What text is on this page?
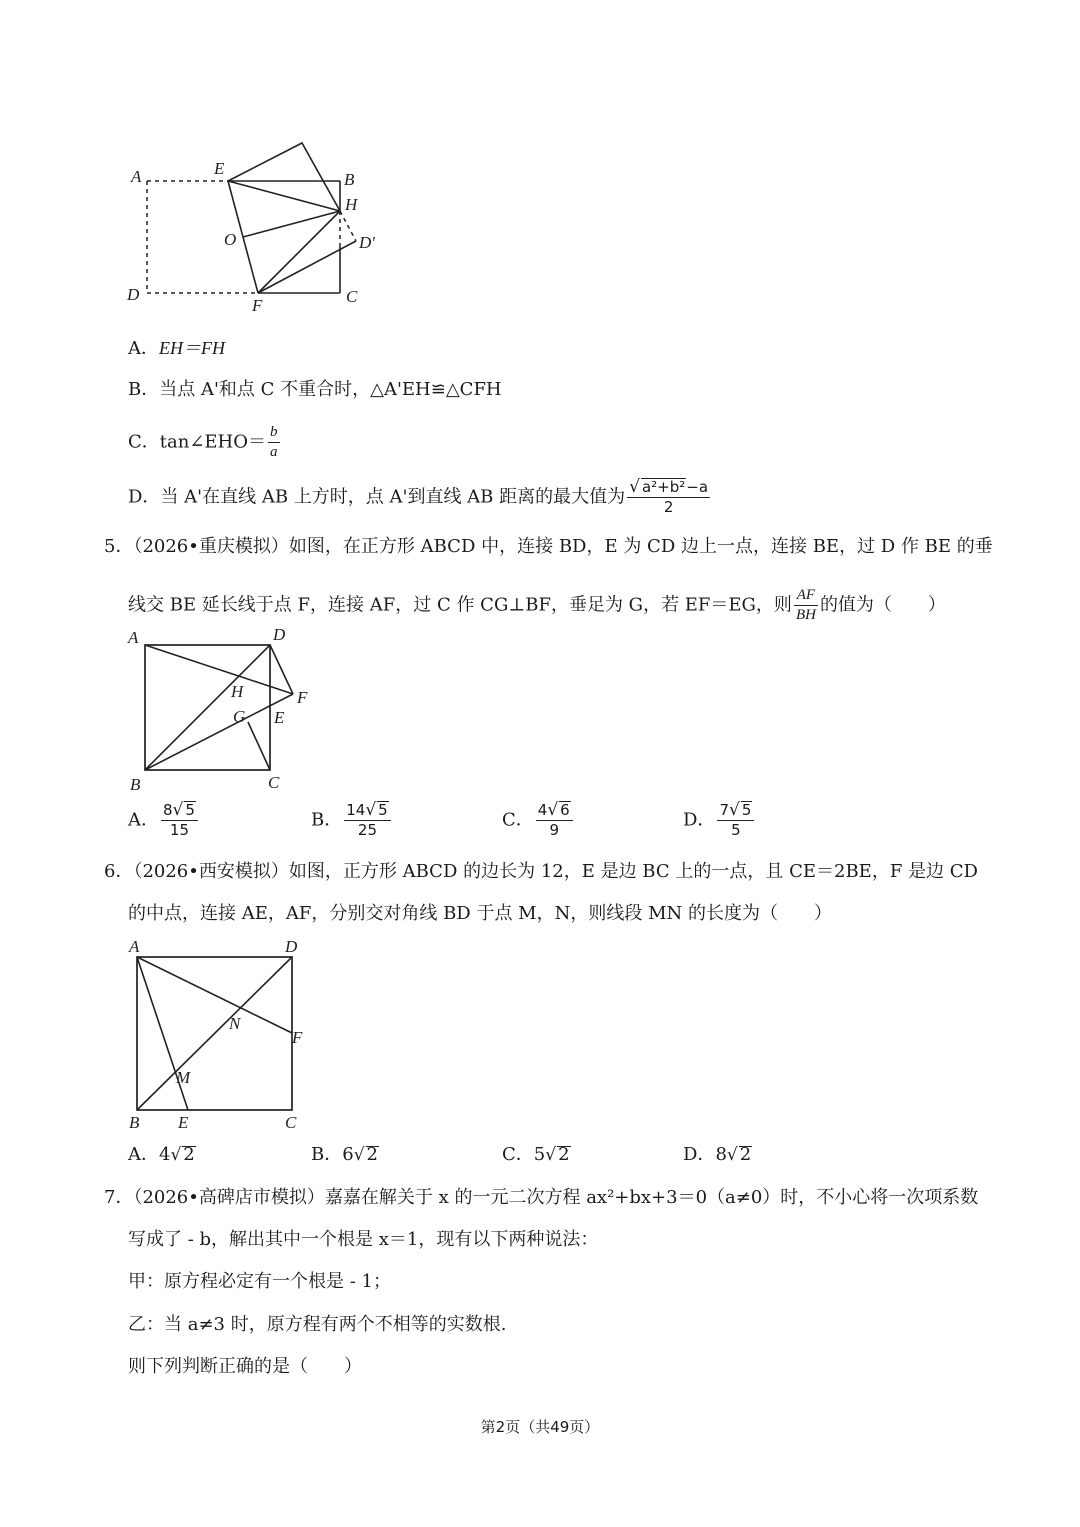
A	E
B
H
O	D′
D
F	C
A．EH＝FH
B．当点 A'和点 C 不重合时，△A'EH≌△CFH
C．tan∠EHO＝ $\frac{b}{a}$
D．当 A'在直线 AB 上方时，点 A'到直线 AB 距离的最大值为 $\frac{\text{√ a²+b²−a}}{2}$
5．（2026•重庆模拟）如图，在正方形 ABCD 中，连接 BD，E 为 CD 边上一点，连接 BE，过 D 作 BE 的垂
线交 BE 延长线于点 F，连接 AF，过 C 作 CG⊥BF，垂足为 G，若 EF＝EG，则 $\frac{AF}{BH}$ 的值为（　　）
A	D
H	F
G E
B	C
A． $\frac{8√ 5}{15}$	B． $\frac{14√ 5}{25}$	C． $\frac{4√ 6}{9}$	D． $\frac{7√ 5}{5}$
6．（2026•西安模拟）如图，正方形 ABCD 的边长为 12，E 是边 BC 上的一点，且 CE＝2BE，F 是边 CD
的中点，连接 AE，AF，分别交对角线 BD 于点 M，N，则线段 MN 的长度为（　　）
A	D
N
F
M
B E	C
A．4√ 2	B．6√ 2	C．5√ 2	D．8√ 2
7．（2026•高碑店市模拟）嘉嘉在解关于 x 的一元二次方程 ax²+bx+3＝0（a≠0）时，不小心将一次项系数
写成了 - b，解出其中一个根是 x＝1，现有以下两种说法：
甲：原方程必定有一个根是 - 1；
乙：当 a≠3 时，原方程有两个不相等的实数根.
则下列判断正确的是（　　）
第2页（共49页）
